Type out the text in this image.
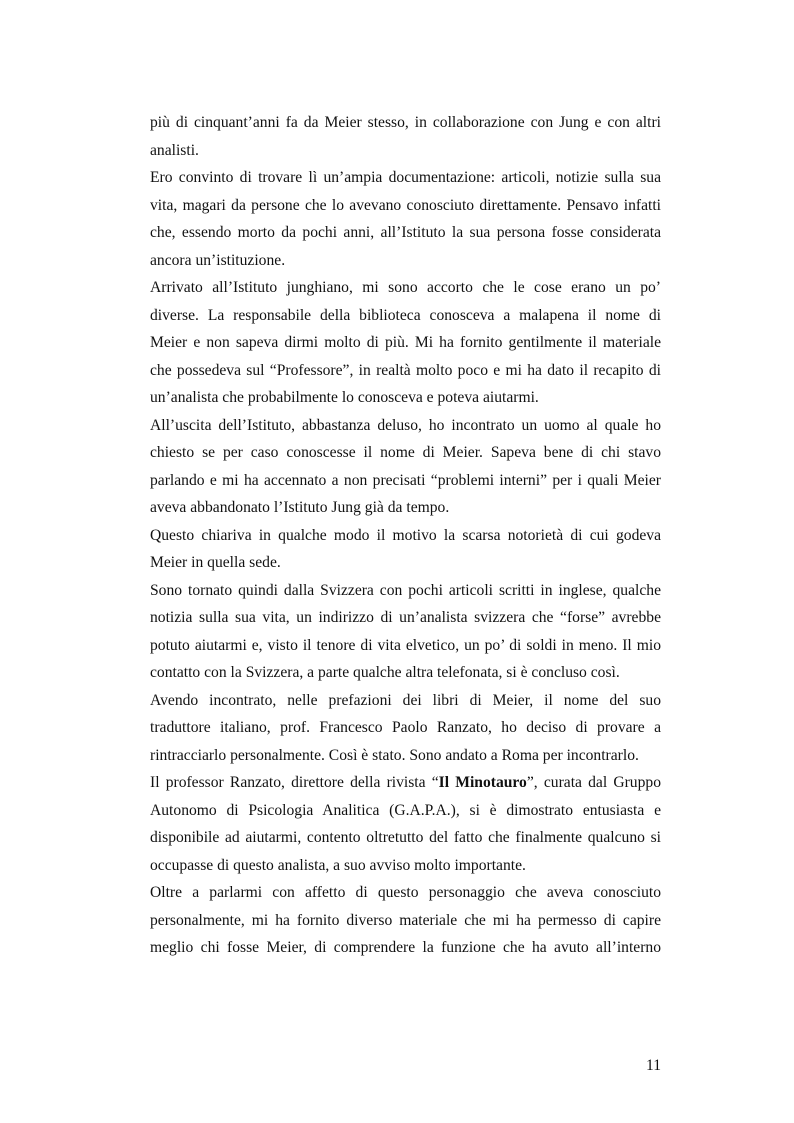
più di cinquant’anni fa da Meier stesso, in collaborazione con Jung e con altri
analisti.
Ero convinto di trovare lì un’ampia documentazione: articoli, notizie sulla sua
vita, magari da persone che lo avevano conosciuto direttamente. Pensavo infatti
che, essendo morto da pochi anni, all’Istituto la sua persona fosse considerata
ancora un’istituzione.
Arrivato all’Istituto junghiano, mi sono accorto che le cose erano un po’
diverse. La responsabile della biblioteca conosceva a malapena il nome di
Meier e non sapeva dirmi molto di più. Mi ha fornito gentilmente il materiale
che possedeva sul “Professore”, in realtà molto poco e mi ha dato il recapito di
un’analista che probabilmente lo conosceva e poteva aiutarmi.
All’uscita dell’Istituto, abbastanza deluso, ho incontrato un uomo al quale ho
chiesto se per caso conoscesse il nome di Meier. Sapeva bene di chi stavo
parlando e mi ha accennato a non precisati “problemi interni” per i quali Meier
aveva abbandonato l’Istituto Jung già da tempo.
Questo chiariva in qualche modo il motivo la scarsa notorietà di cui godeva
Meier in quella sede.
Sono tornato quindi dalla Svizzera con pochi articoli scritti in inglese, qualche
notizia sulla sua vita, un indirizzo di un’analista svizzera che “forse” avrebbe
potuto aiutarmi e, visto il tenore di vita elvetico, un po’ di soldi in meno. Il mio
contatto con la Svizzera, a parte qualche altra telefonata, si è concluso così.
Avendo incontrato, nelle prefazioni dei libri di Meier, il nome del suo
traduttore italiano, prof. Francesco Paolo Ranzato, ho deciso di provare a
rintracciarlo personalmente. Così è stato. Sono andato a Roma per incontrarlo.
Il professor Ranzato, direttore della rivista “Il Minotauro”, curata dal Gruppo
Autonomo di Psicologia Analitica (G.A.P.A.), si è dimostrato entusiasta e
disponibile ad aiutarmi, contento oltretutto del fatto che finalmente qualcuno si
occupasse di questo analista, a suo avviso molto importante.
Oltre a parlarmi con affetto di questo personaggio che aveva conosciuto
personalmente, mi ha fornito diverso materiale che mi ha permesso di capire
meglio chi fosse Meier, di comprendere la funzione che ha avuto all’interno
11
